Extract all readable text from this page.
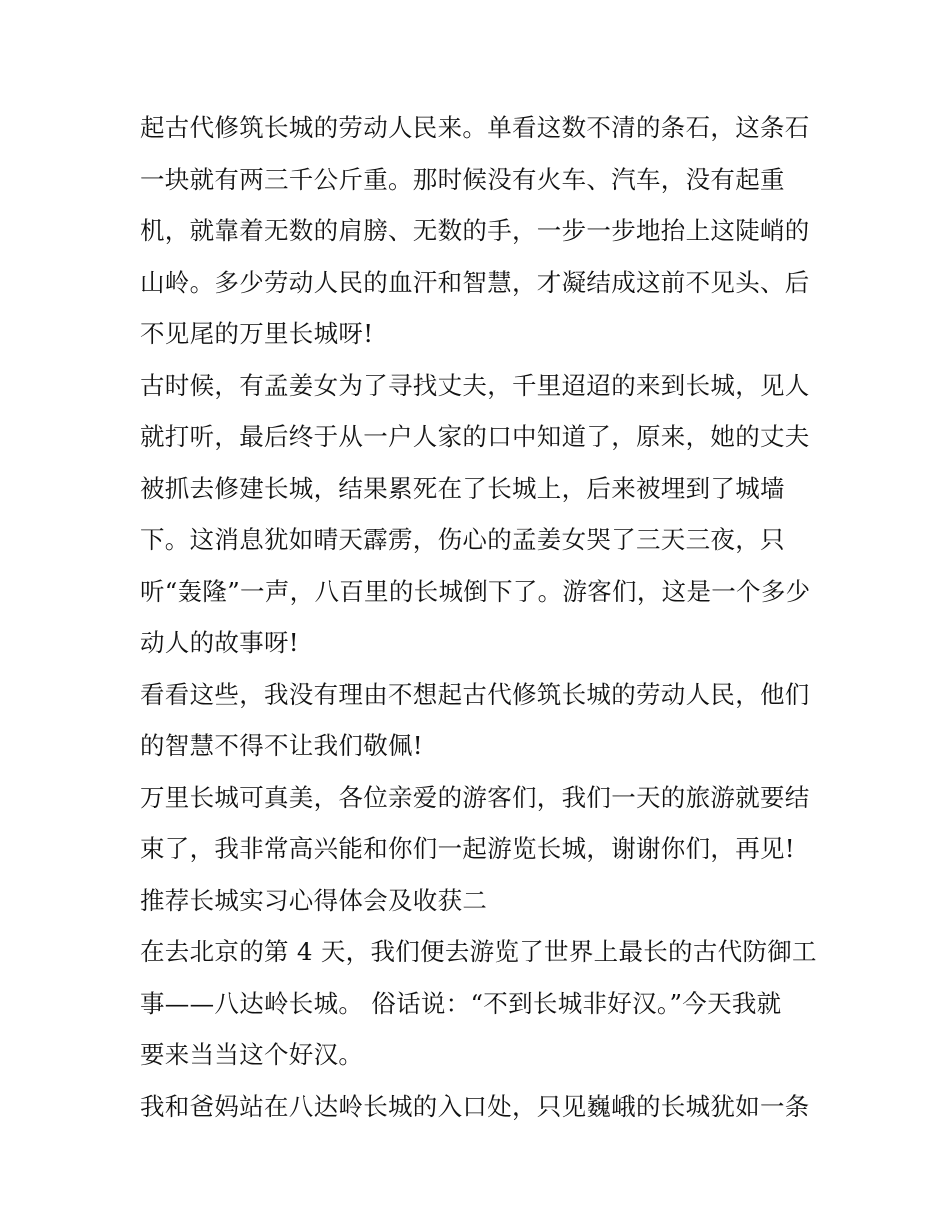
起古代修筑长城的劳动人民来。单看这数不清的条石，这条石
一块就有两三千公斤重。那时候没有火车、汽车，没有起重
机，就靠着无数的肩膀、无数的手，一步一步地抬上这陡峭的
山岭。多少劳动人民的血汗和智慧，才凝结成这前不见头、后
不见尾的万里长城呀!
古时候，有孟姜女为了寻找丈夫，千里迢迢的来到长城，见人
就打听，最后终于从一户人家的口中知道了，原来，她的丈夫
被抓去修建长城，结果累死在了长城上，后来被埋到了城墙
下。这消息犹如晴天霹雳，伤心的孟姜女哭了三天三夜，只
听“轰隆”一声，八百里的长城倒下了。游客们，这是一个多少
动人的故事呀!
看看这些，我没有理由不想起古代修筑长城的劳动人民，他们
的智慧不得不让我们敬佩!
万里长城可真美，各位亲爱的游客们，我们一天的旅游就要结
束了，我非常高兴能和你们一起游览长城，谢谢你们，再见!
推荐长城实习心得体会及收获二
在去北京的第 4 天，我们便去游览了世界上最长的古代防御工
事——八达岭长城。 俗话说：“不到长城非好汉。”今天我就
要来当当这个好汉。
我和爸妈站在八达岭长城的入口处，只见巍峨的长城犹如一条
